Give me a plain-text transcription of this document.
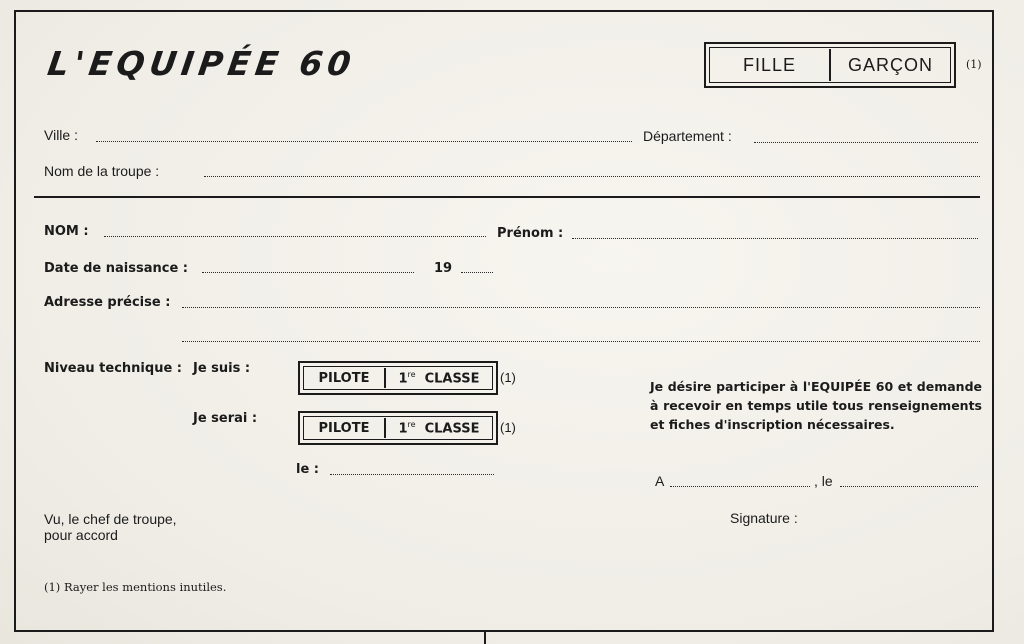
L'EQUIPÉE 60	FILLE	GARÇON	(1)
Ville :	Département :
Nom de la troupe :
NOM :	Prénom :
Date de naissance :	19
Adresse précise :
Niveau technique : Je suis :
PILOTE	1re CLASSE	(1)
Je serai :
PILOTE	1re CLASSE	(1)
le :
Je désire participer à l'EQUIPÉE 60 et demande à recevoir en temps utile tous renseignements et fiches d'inscription nécessaires.
A	, le
Signature :
Vu, le chef de troupe,
pour accord
(1) Rayer les mentions inutiles.
